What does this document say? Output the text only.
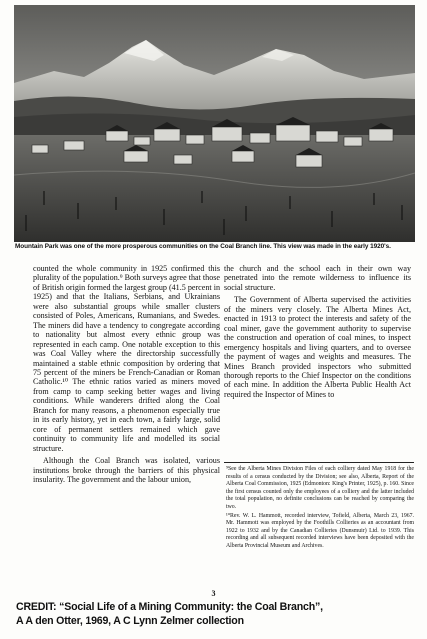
Mountain Park was one of the more prosperous communities on the Coal Branch line. This view was made in the early 1920's.

counted the whole community in 1925 confirmed this plurality of the population.⁹ Both surveys agree that those of British origin formed the largest group (41.5 percent in 1925) and that the Italians, Serbians, and Ukrainians were also substantial groups while smaller clusters consisted of Poles, Americans, Rumanians, and Swedes. The miners did have a tendency to congregate according to nationality but almost every ethnic group was represented in each camp. One notable exception to this was Coal Valley where the directorship successfully maintained a stable ethnic composition by ordering that 75 percent of the miners be French-Canadian or Roman Catholic.¹⁰ The ethnic ratios varied as miners moved from camp to camp seeking better wages and living conditions. While wanderers drifted along the Coal Branch for many reasons, a phenomenon especially true in its early history, yet in each town, a fairly large, solid core of permanent settlers remained which gave continuity to community life and modelled its social structure.

Although the Coal Branch was isolated, various institutions broke through the barriers of this physical insularity. The government and the labour union,

the church and the school each in their own way penetrated into the remote wilderness to influence its social structure.

The Government of Alberta supervised the activities of the miners very closely. The Alberta Mines Act, enacted in 1913 to protect the interests and safety of the coal miner, gave the government authority to supervise the construction and operation of coal mines, to inspect emergency hospitals and living quarters, and to oversee the payment of wages and weights and measures. The Mines Branch provided inspectors who submitted thorough reports to the Chief Inspector on the conditions of each mine. In addition the Alberta Public Health Act required the Inspector of Mines to

⁹See the Alberta Mines Division Files of each colliery dated May 1918 for the results of a census conducted by the Division; see also, Alberta, Report of the Alberta Coal Commission, 1925 (Edmonton: King's Printer, 1925), p. 160. Since the first census counted only the employees of a colliery and the latter included the total population, no definite conclusions can be reached by comparing the two.

¹⁰Rev. W. L. Hammott, recorded interview, Tofield, Alberta, March 23, 1967. Mr. Hammott was employed by the Foothills Collieries as an accountant from 1922 to 1932 and by the Canadian Collieries (Dunsmuir) Ltd. to 1939. This recording and all subsequent recorded interviews have been deposited with the Alberta Provincial Museum and Archives.

3
CREDIT: “Social Life of a Mining Community: the Coal Branch”,
A A den Otter, 1969, A C Lynn Zelmer collection
